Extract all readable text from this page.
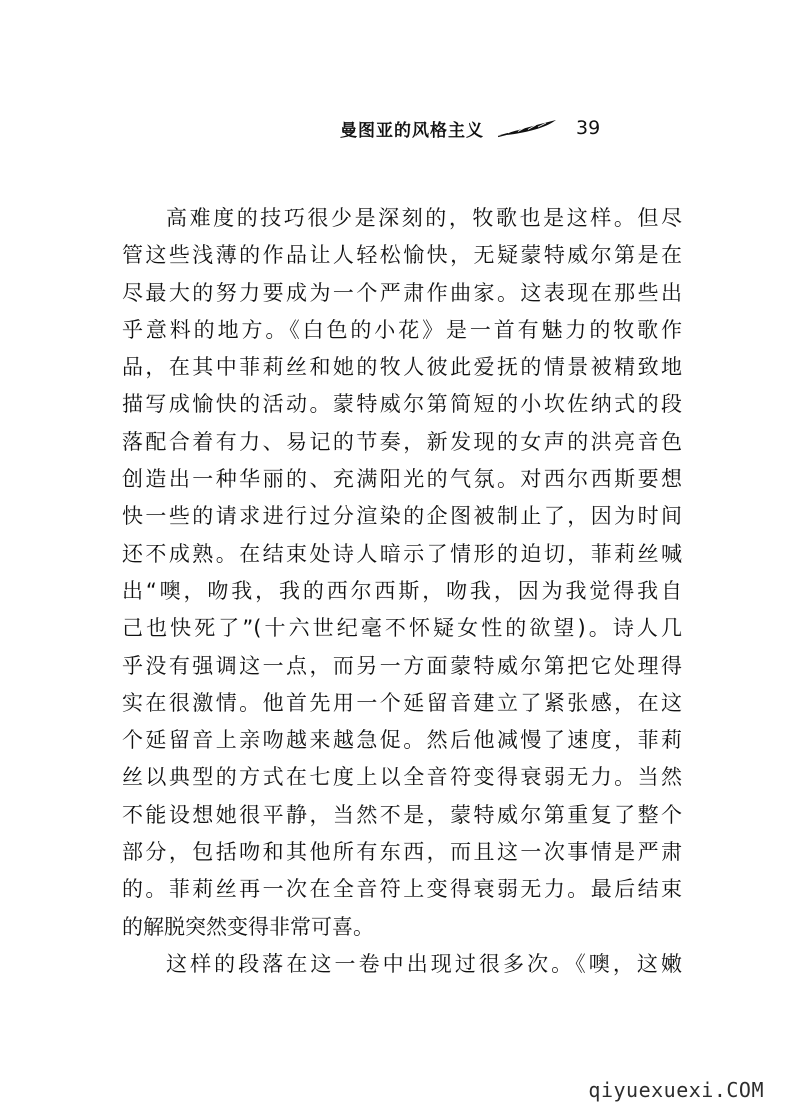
曼图亚的风格主义	39
高难度的技巧很少是深刻的，牧歌也是这样。但尽
管这些浅薄的作品让人轻松愉快，无疑蒙特威尔第是在
尽最大的努力要成为一个严肃作曲家。这表现在那些出
乎意料的地方。《白色的小花》是一首有魅力的牧歌作
品，在其中菲莉丝和她的牧人彼此爱抚的情景被精致地
描写成愉快的活动。蒙特威尔第简短的小坎佐纳式的段
落配合着有力、易记的节奏，新发现的女声的洪亮音色
创造出一种华丽的、充满阳光的气氛。对西尔西斯要想
快一些的请求进行过分渲染的企图被制止了，因为时间
还不成熟。在结束处诗人暗示了情形的迫切，菲莉丝喊
出“噢，吻我，我的西尔西斯，吻我，因为我觉得我自
己也快死了”(十六世纪毫不怀疑女性的欲望)。诗人几
乎没有强调这一点，而另一方面蒙特威尔第把它处理得
实在很激情。他首先用一个延留音建立了紧张感，在这
个延留音上亲吻越来越急促。然后他减慢了速度，菲莉
丝以典型的方式在七度上以全音符变得衰弱无力。当然
不能设想她很平静，当然不是，蒙特威尔第重复了整个
部分，包括吻和其他所有东西，而且这一次事情是严肃
的。菲莉丝再一次在全音符上变得衰弱无力。最后结束
的解脱突然变得非常可喜。
这样的段落在这一卷中出现过很多次。《噢，这嫩
qiyuexuexi.COM
